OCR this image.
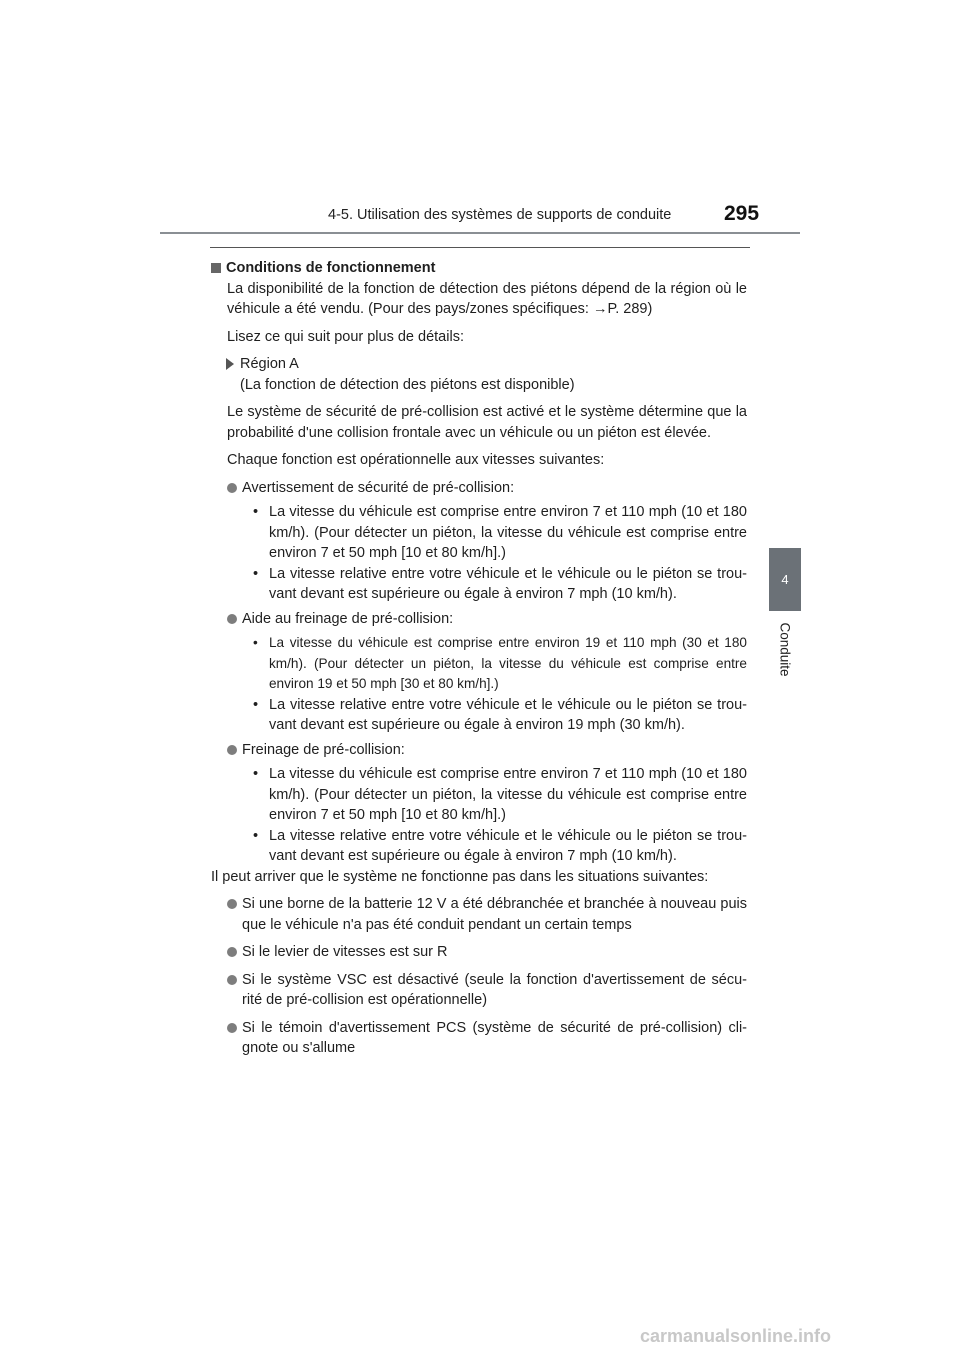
4-5. Utilisation des systèmes de supports de conduite	295
4
Conduite

Conditions de fonctionnement

La disponibilité de la fonction de détection des piétons dépend de la région où le véhicule a été vendu. (Pour des pays/zones spécifiques: →P. 289)

Lisez ce qui suit pour plus de détails:

Région A

(La fonction de détection des piétons est disponible)

Le système de sécurité de pré-collision est activé et le système détermine que la probabilité d'une collision frontale avec un véhicule ou un piéton est élevée.

Chaque fonction est opérationnelle aux vitesses suivantes:

Avertissement de sécurité de pré-collision:
• La vitesse du véhicule est comprise entre environ 7 et 110 mph (10 et 180 km/h). (Pour détecter un piéton, la vitesse du véhicule est comprise entre environ 7 et 50 mph [10 et 80 km/h].)
• La vitesse relative entre votre véhicule et le véhicule ou le piéton se trou-vant devant est supérieure ou égale à environ 7 mph (10 km/h).
Aide au freinage de pré-collision:
• La vitesse du véhicule est comprise entre environ 19 et 110 mph (30 et 180 km/h). (Pour détecter un piéton, la vitesse du véhicule est comprise entre environ 19 et 50 mph [30 et 80 km/h].)
• La vitesse relative entre votre véhicule et le véhicule ou le piéton se trou-vant devant est supérieure ou égale à environ 19 mph (30 km/h).
Freinage de pré-collision:
• La vitesse du véhicule est comprise entre environ 7 et 110 mph (10 et 180 km/h). (Pour détecter un piéton, la vitesse du véhicule est comprise entre environ 7 et 50 mph [10 et 80 km/h].)
• La vitesse relative entre votre véhicule et le véhicule ou le piéton se trou-vant devant est supérieure ou égale à environ 7 mph (10 km/h).

Il peut arriver que le système ne fonctionne pas dans les situations suivantes:

Si une borne de la batterie 12 V a été débranchée et branchée à nouveau puis que le véhicule n'a pas été conduit pendant un certain temps
Si le levier de vitesses est sur R
Si le système VSC est désactivé (seule la fonction d'avertissement de sécu-rité de pré-collision est opérationnelle)
Si le témoin d'avertissement PCS (système de sécurité de pré-collision) cli-gnote ou s'allume
carmanualsonline.info
